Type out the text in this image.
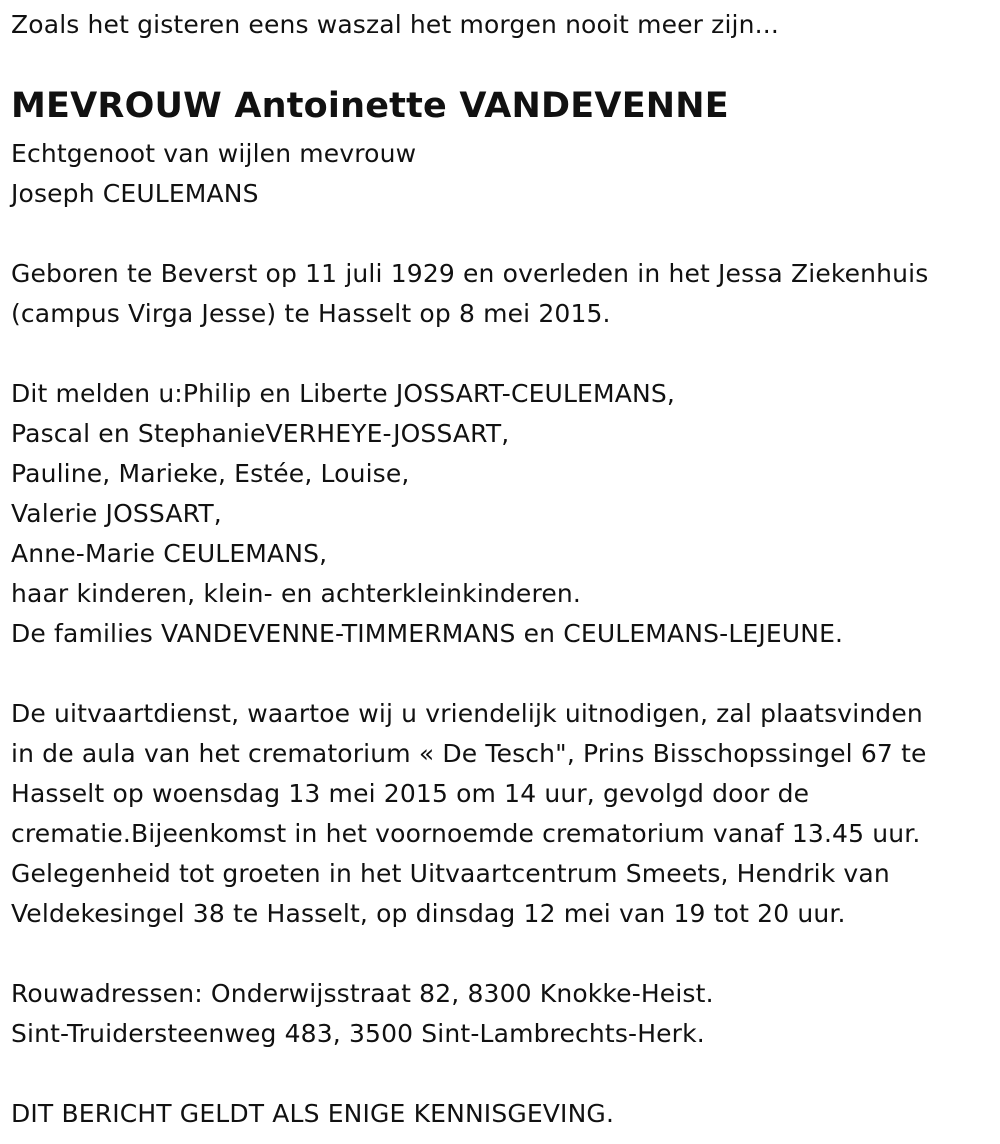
Zoals het gisteren eens waszal het morgen nooit meer zijn...
MEVROUW Antoinette VANDEVENNE
Echtgenoot van wijlen mevrouw
Joseph CEULEMANS
Geboren te Beverst op 11 juli 1929 en overleden in het Jessa Ziekenhuis
(campus Virga Jesse) te Hasselt op 8 mei 2015.
Dit melden u:Philip en Liberte JOSSART-CEULEMANS,
Pascal en StephanieVERHEYE-JOSSART,
Pauline, Marieke, Estée, Louise,
Valerie JOSSART,
Anne-Marie CEULEMANS,
haar kinderen, klein- en achterkleinkinderen.
De families VANDEVENNE-TIMMERMANS en CEULEMANS-LEJEUNE.
De uitvaartdienst, waartoe wij u vriendelijk uitnodigen, zal plaatsvinden
in de aula van het crematorium « De Tesch", Prins Bisschopssingel 67 te
Hasselt op woensdag 13 mei 2015 om 14 uur, gevolgd door de
crematie.Bijeenkomst in het voornoemde crematorium vanaf 13.45 uur.
Gelegenheid tot groeten in het Uitvaartcentrum Smeets, Hendrik van
Veldekesingel 38 te Hasselt, op dinsdag 12 mei van 19 tot 20 uur.
Rouwadressen: Onderwijsstraat 82, 8300 Knokke-Heist.
Sint-Truidersteenweg 483, 3500 Sint-Lambrechts-Herk.
DIT BERICHT GELDT ALS ENIGE KENNISGEVING.
